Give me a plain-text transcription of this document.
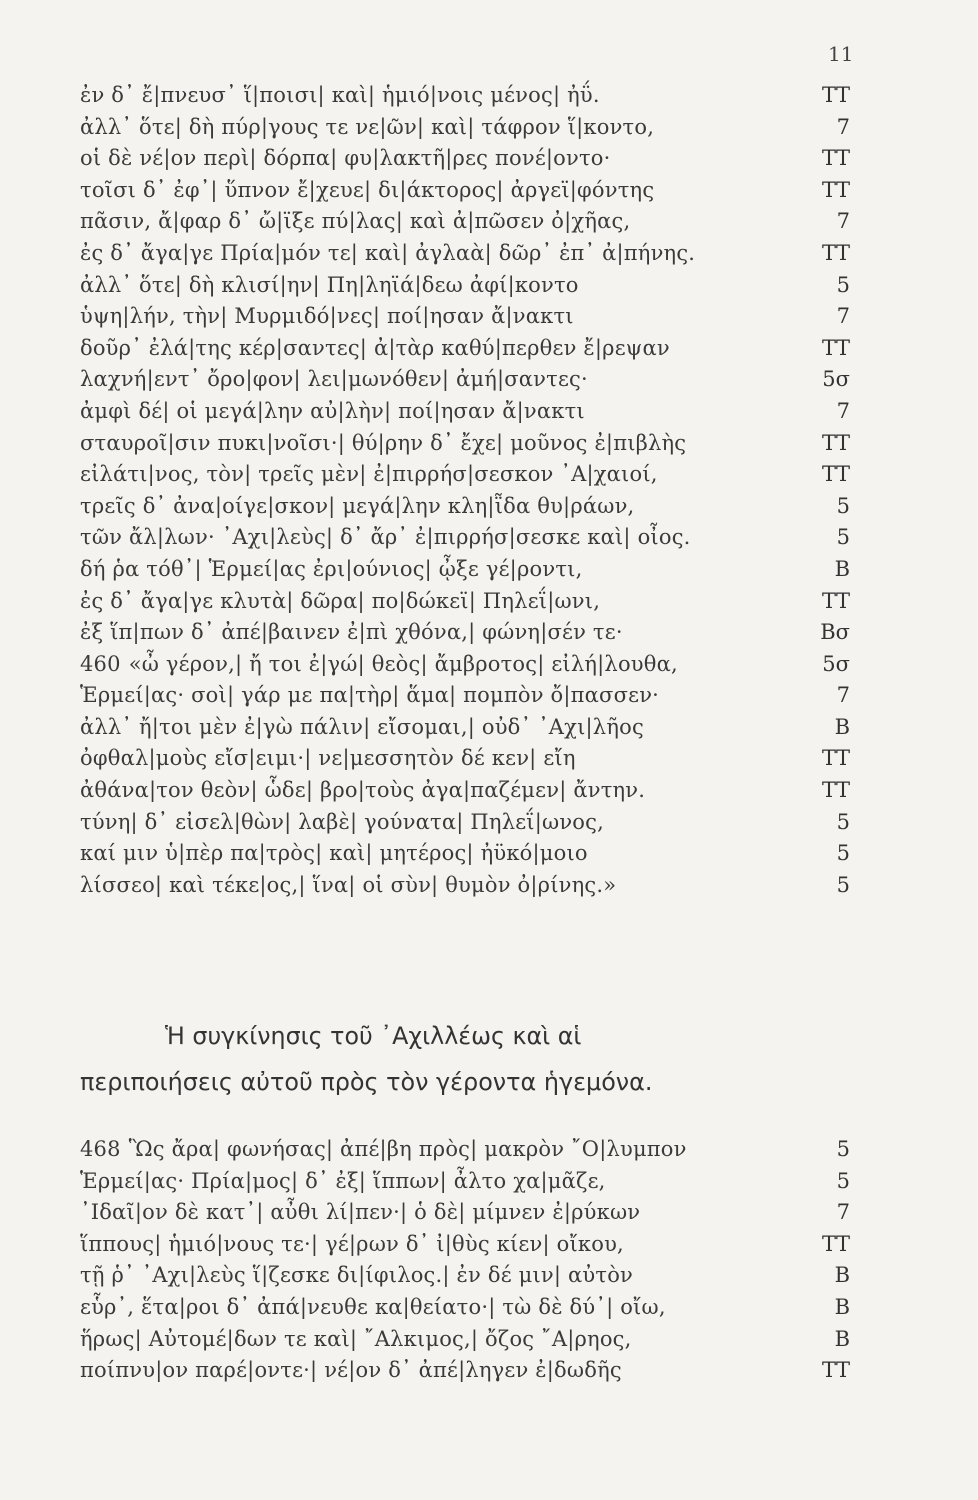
11
ἐν δ᾽ ἔ|πνευσ᾽ ἵ|ποισι| καὶ| ἡμιό|νοις μένος| ἠΰ.	ΤΤ
ἀλλ᾽ ὅτε| δὴ πύρ|γους τε νε|ῶν| καὶ| τάφρον ἵ|κοντο,	7
οἱ δὲ νέ|ον περὶ| δόρπα| φυ|λακτῆ|ρες πονέ|οντο·	ΤΤ
τοῖσι δ᾽ ἐφ᾽| ὕπνον ἔ|χευε| δι|άκτορος| ἀργεϊ|φόντης	ΤΤ
πᾶσιν, ἄ|φαρ δ᾽ ὤ|ϊξε πύ|λας| καὶ ἀ|πῶσεν ὀ|χῆας,	7
ἐς δ᾽ ἄγα|γε Πρία|μόν τε| καὶ| ἀγλαὰ| δῶρ᾽ ἐπ᾽ ἀ|πήνης.	ΤΤ
ἀλλ᾽ ὅτε| δὴ κλισί|ην| Πη|ληϊά|δεω ἀφί|κοντο	5
ὑψη|λήν, τὴν| Μυρμιδό|νες| ποί|ησαν ἄ|νακτι	7
δοῦρ᾽ ἐλά|της κέρ|σαντες| ἀ|τὰρ καθύ|περθεν ἔ|ρεψαν	ΤΤ
λαχνή|εντ᾽ ὄρο|φον| λει|μωνόθεν| ἀμή|σαντες·	5σ
ἀμφὶ δέ| οἱ μεγά|λην αὐ|λὴν| ποί|ησαν ἄ|νακτι	7
σταυροῖ|σιν πυκι|νοῖσι·| θύ|ρην δ᾽ ἔχε| μοῦνος ἐ|πιβλὴς	ΤΤ
εἰλάτι|νος, τὸν| τρεῖς μὲν| ἐ|πιρρήσ|σεσκον ᾽Α|χαιοί,	ΤΤ
τρεῖς δ᾽ ἀνα|οίγε|σκον| μεγά|λην κλη|ῗδα θυ|ράων,	5
τῶν ἄλ|λων· ᾽Αχι|λεὺς| δ᾽ ἄρ᾽ ἐ|πιρρήσ|σεσκε καὶ| οἶος.	5
δή ῥα τόθ᾽| Ἑρμεί|ας ἐρι|ούνιος| ᾦξε γέ|ροντι,	Β
ἐς δ᾽ ἄγα|γε κλυτὰ| δῶρα| πο|δώκεϊ| Πηλεΐ|ωνι,	ΤΤ
ἐξ ἵπ|πων δ᾽ ἀπέ|βαινεν ἐ|πὶ χθόνα,| φώνη|σέν τε·	Βσ
460 «ὦ γέρον,| ἤ τοι ἐ|γώ| θεὸς| ἄμβροτος| εἰλή|λουθα,	5σ
Ἑρμεί|ας· σοὶ| γάρ με πα|τὴρ| ἅμα| πομπὸν ὄ|πασσεν·	7
ἀλλ᾽ ἤ|τοι μὲν ἐ|γὼ πάλιν| εἴσομαι,| οὐδ᾽ ᾽Αχι|λῆος	Β
ὀφθαλ|μοὺς εἴσ|ειμι·| νε|μεσσητὸν δέ κεν| εἴη	ΤΤ
ἀθάνα|τον θεὸν| ὧδε| βρο|τοὺς ἀγα|παζέμεν| ἄντην.	ΤΤ
τύνη| δ᾽ εἰσελ|θὼν| λαβὲ| γούνατα| Πηλεΐ|ωνος,	5
καί μιν ὑ|πὲρ πα|τρὸς| καὶ| μητέρος| ἠϋκό|μοιο	5
λίσσεο| καὶ τέκε|ος,| ἵνα| οἱ σὺν| θυμὸν ὀ|ρίνης.»	5
Ἡ συγκίνησις τοῦ ᾽Αχιλλέως καὶ αἱ
περιποιήσεις αὐτοῦ πρὸς τὸν γέροντα ἡγεμόνα.
468 Ὣς ἄρα| φωνήσας| ἀπέ|βη πρὸς| μακρὸν ῎Ο|λυμπον	5
Ἑρμεί|ας· Πρία|μος| δ᾽ ἐξ| ἵππων| ἆλτο χα|μᾶζε,	5
᾽Ιδαῖ|ον δὲ κατ᾽| αὖθι λί|πεν·| ὁ δὲ| μίμνεν ἐ|ρύκων	7
ἵππους| ἡμιό|νους τε·| γέ|ρων δ᾽ ἰ|θὺς κίεν| οἴκου,	ΤΤ
τῇ ῥ᾽ ᾽Αχι|λεὺς ἵ|ζεσκε δι|ίφιλος.| ἐν δέ μιν| αὐτὸν	Β
εὗρ᾽, ἕτα|ροι δ᾽ ἀπά|νευθε κα|θείατο·| τὼ δὲ δύ᾽| οἴω,	Β
ἥρως| Αὐτομέ|δων τε καὶ| ῎Αλκιμος,| ὄζος ῎Α|ρηος,	Β
ποίπνυ|ον παρέ|οντε·| νέ|ον δ᾽ ἀπέ|ληγεν ἐ|δωδῆς	ΤΤ
